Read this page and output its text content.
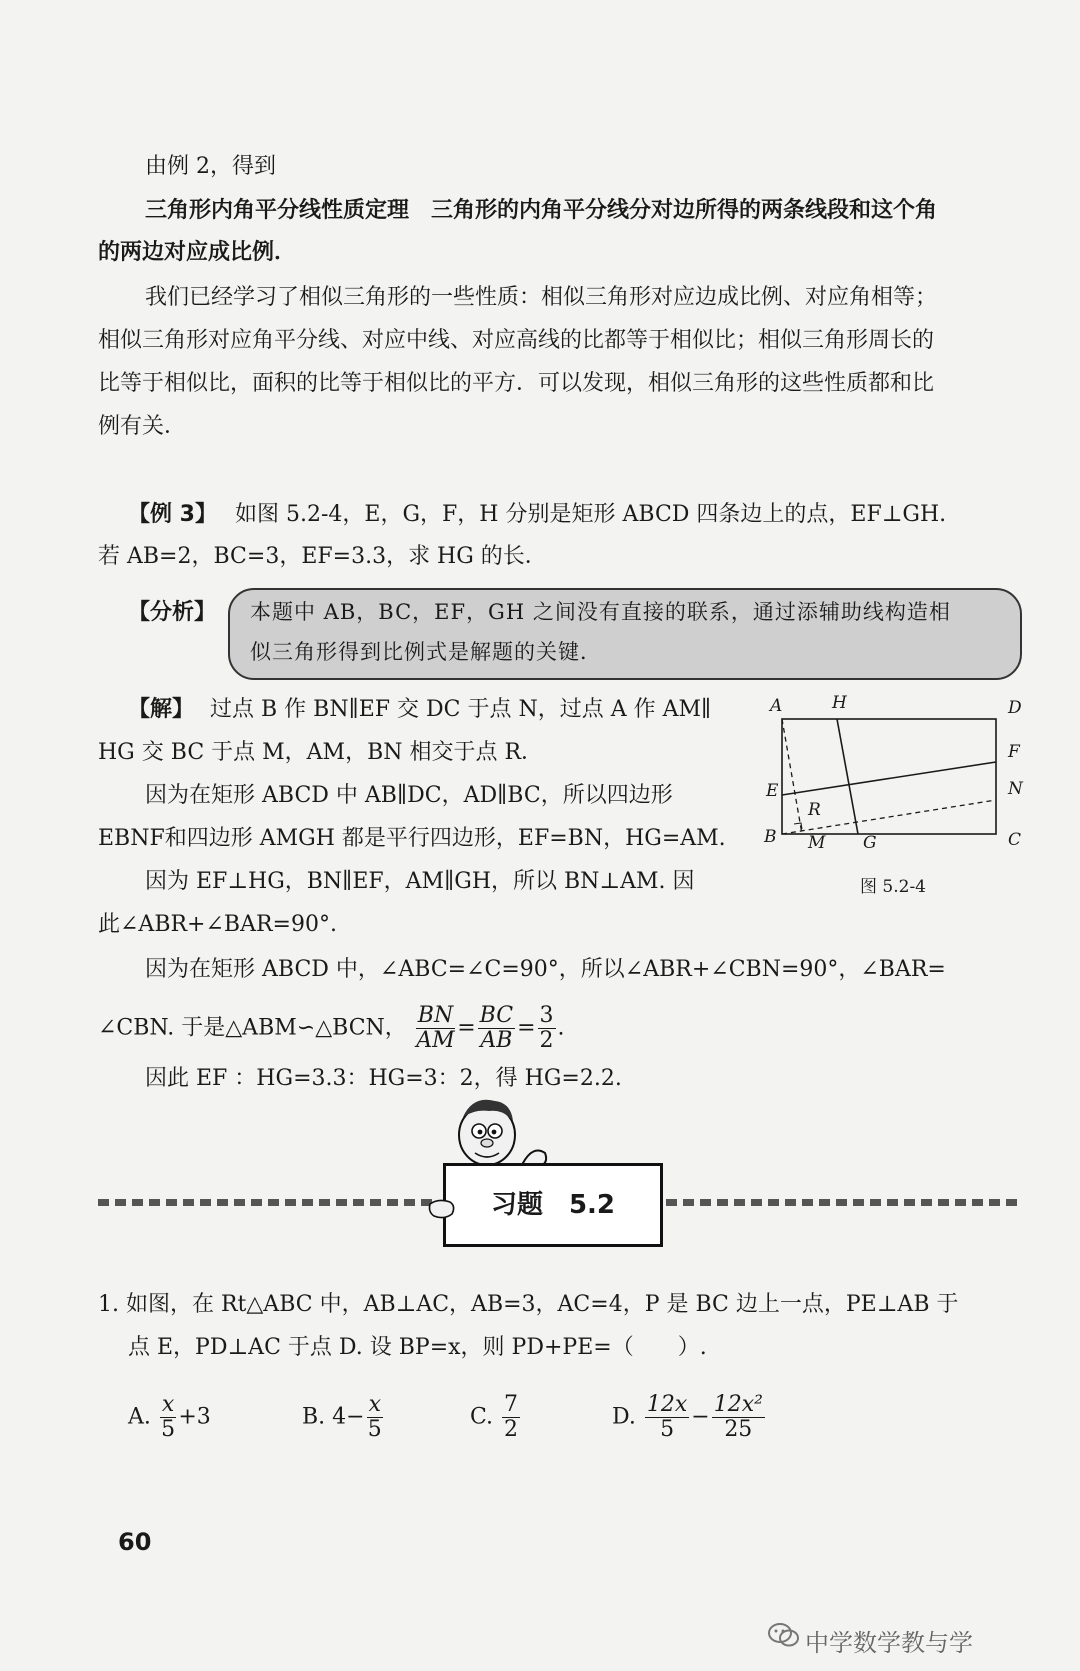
由例 2，得到
三角形内角平分线性质定理　三角形的内角平分线分对边所得的两条线段和这个角
的两边对应成比例．
我们已经学习了相似三角形的一些性质：相似三角形对应边成比例、对应角相等；
相似三角形对应角平分线、对应中线、对应高线的比都等于相似比；相似三角形周长的
比等于相似比，面积的比等于相似比的平方．可以发现，相似三角形的这些性质都和比
例有关．
【例 3】 如图 5.2-4，E，G，F，H 分别是矩形 ABCD 四条边上的点，EF⊥GH.
若 AB=2，BC=3，EF=3.3，求 HG 的长．
【分析】 本题中 AB，BC，EF，GH 之间没有直接的联系，通过添辅助线构造相
似三角形得到比例式是解题的关键．
【解】 过点 B 作 BN∥EF 交 DC 于点 N，过点 A 作 AM∥
HG 交 BC 于点 M，AM，BN 相交于点 R．
因为在矩形 ABCD 中 AB∥DC，AD∥BC，所以四边形
EBNF和四边形 AMGH 都是平行四边形，EF=BN，HG=AM.
因为 EF⊥HG，BN∥EF，AM∥GH，所以 BN⊥AM. 因
此∠ABR+∠BAR=90°.
因为在矩形 ABCD 中，∠ABC=∠C=90°，所以∠ABR+∠CBN=90°，∠BAR=
∠CBN. 于是△ABM∽△BCN， $\frac{BN}{AM} = \frac{BC}{AB} = \frac{3}{2}$ .
因此 EF ：HG=3.3：HG=3：2，得 HG=2.2.
A	H	D
F
E	N
R
B M G	C
图 5.2-4
习题　5.2
1. 如图，在 Rt△ABC 中，AB⊥AC，AB=3，AC=4，P 是 BC 边上一点，PE⊥AB 于
点 E，PD⊥AC 于点 D. 设 BP=x，则 PD+PE=（　　）.
A. $\frac{x}{5} +3$	B. $4- \frac{x}{5}$	C. $\frac{7}{2}$	D. $\frac{12x}{5} - \frac{\text{12x²}}{25}$
60
中学数学教与学
